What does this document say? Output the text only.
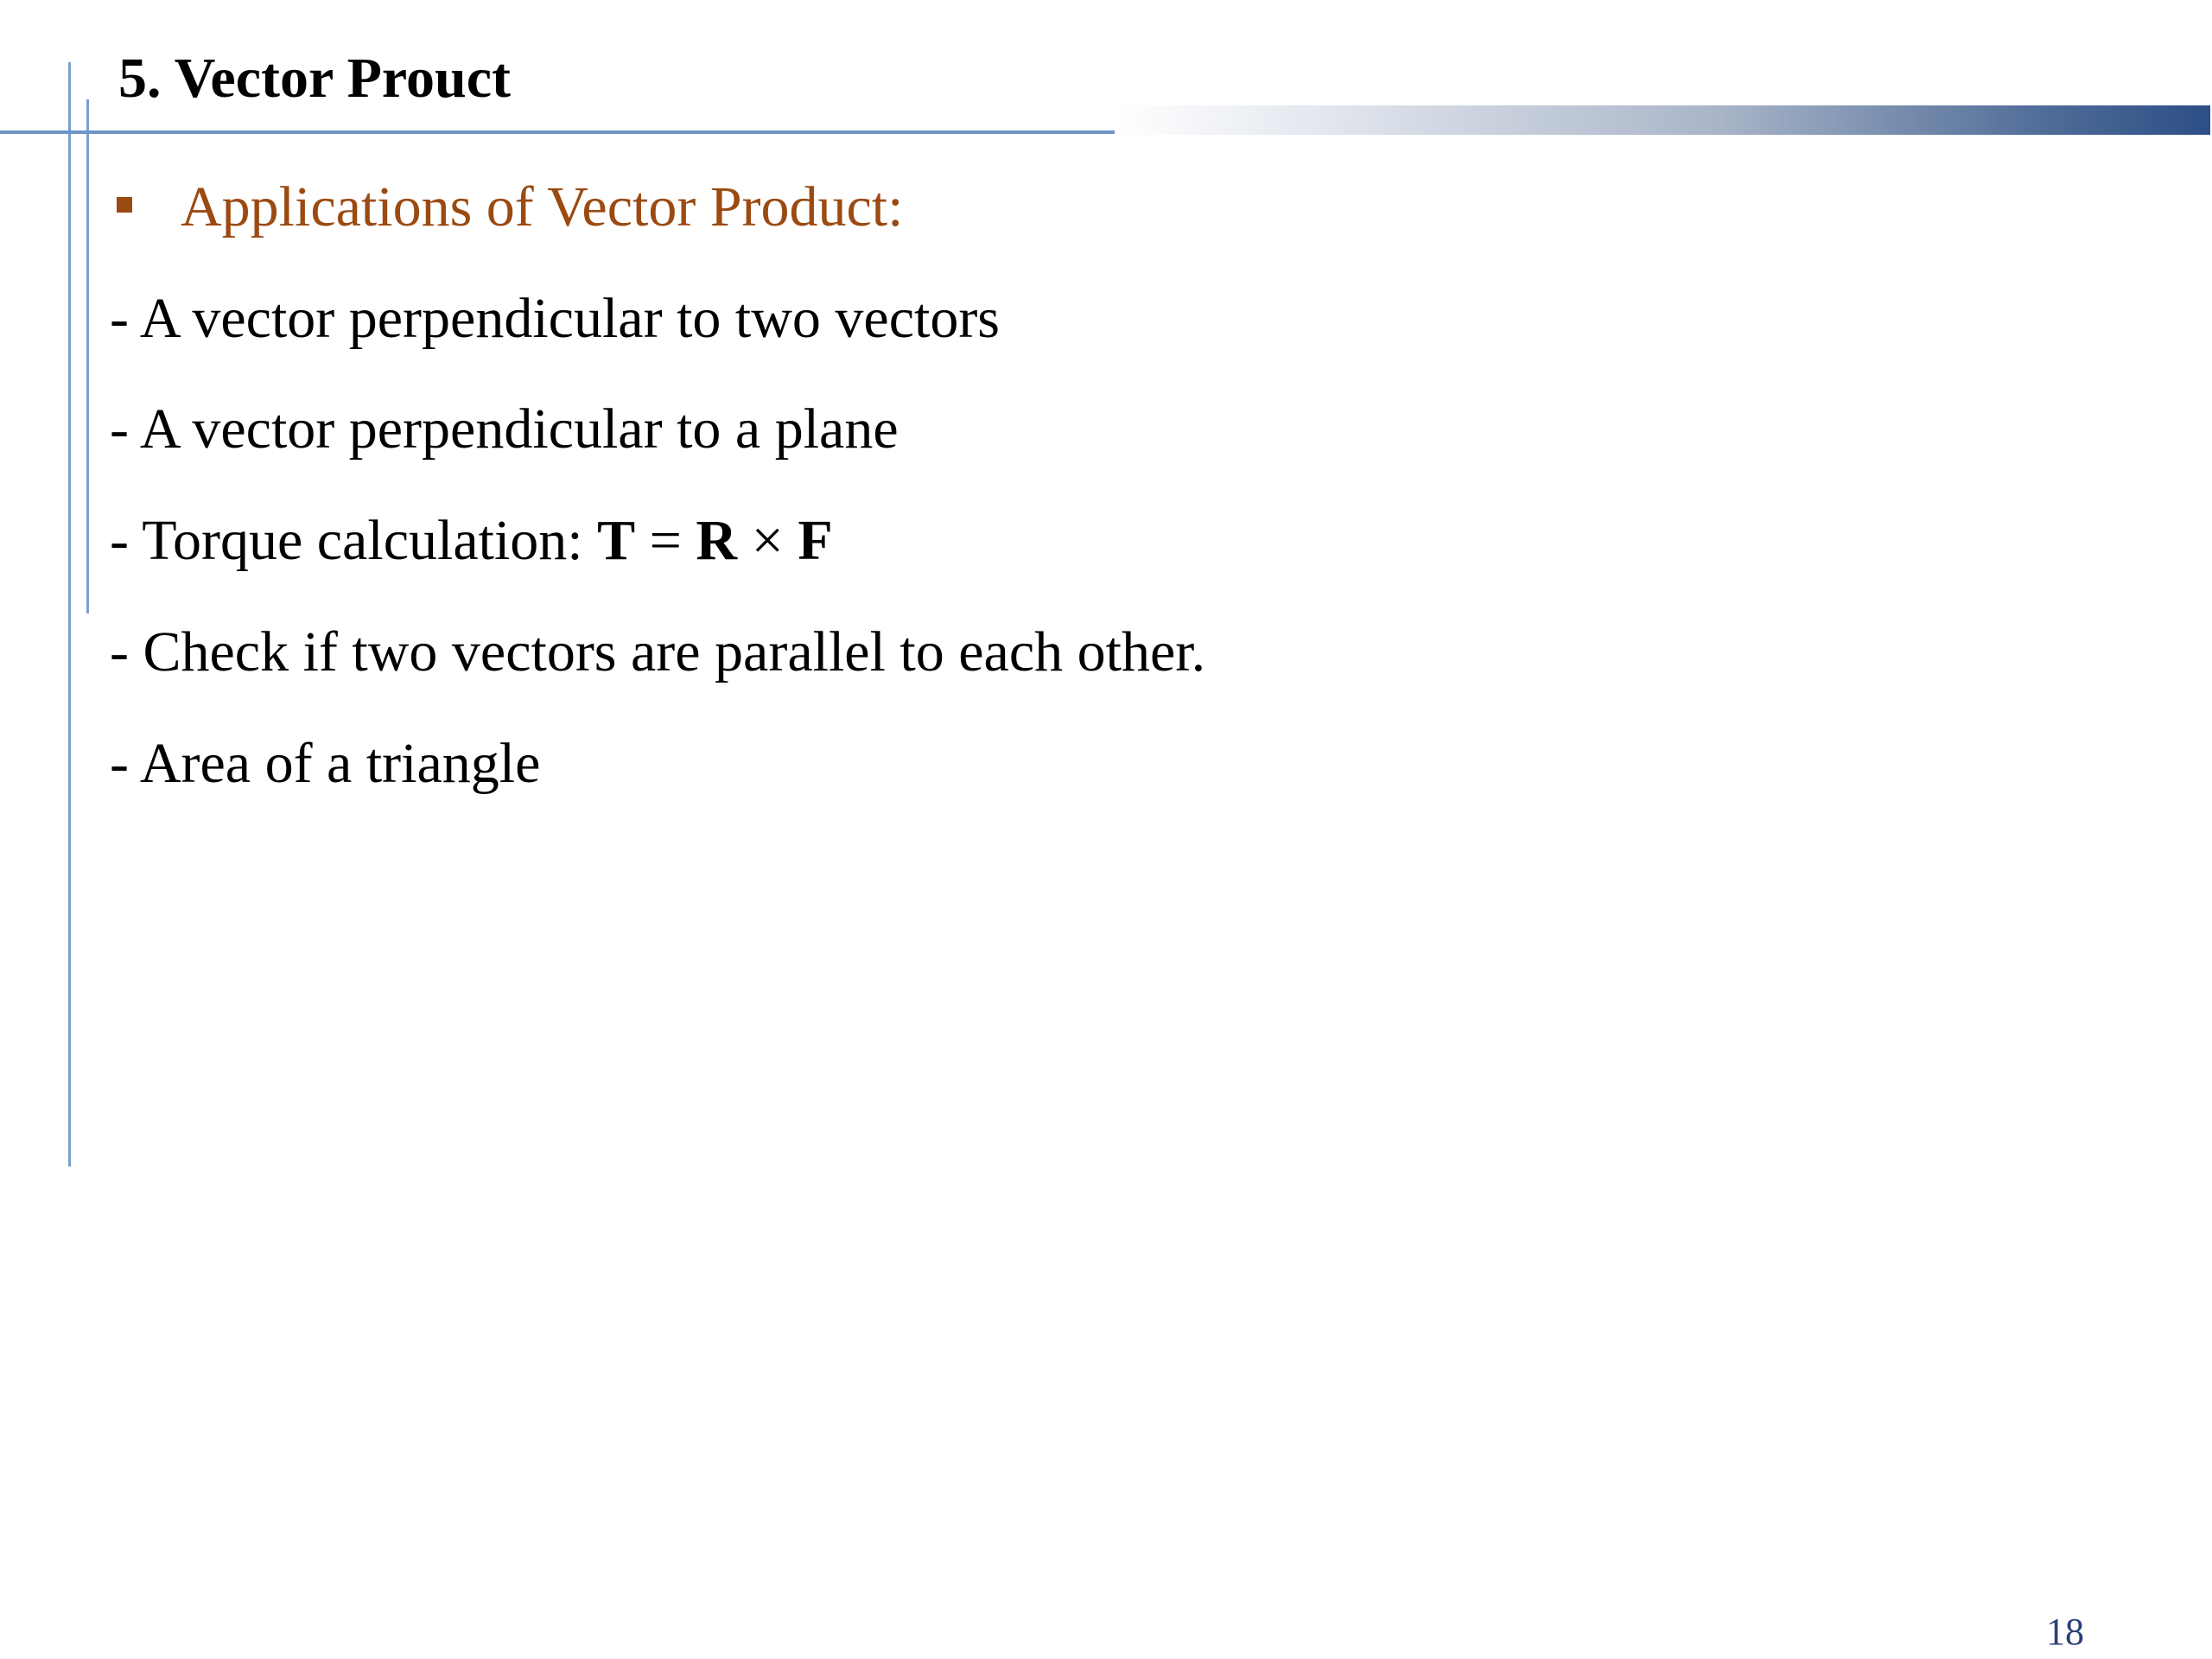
5. Vector Prouct
Applications of Vector Product:
- A vector perpendicular to two vectors
- A vector perpendicular to a plane
- Torque calculation: T = R × F
- Check if two vectors are parallel to each other.
- Area of a triangle
18
